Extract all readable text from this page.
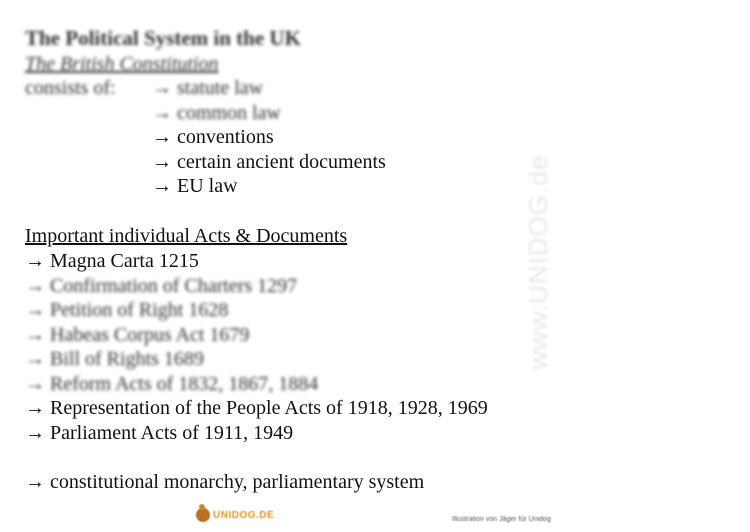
The Political System in the UK
The British Constitution
consists of: → statute law
→ common law
→ conventions
→ certain ancient documents
→ EU law
Important individual Acts & Documents
→ Magna Carta 1215
→ Confirmation of Charters 1297
→ Petition of Right 1628
→ Habeas Corpus Act 1679
→ Bill of Rights 1689
→ Reform Acts of 1832, 1867, 1884
→ Representation of the People Acts of 1918, 1928, 1969
→ Parliament Acts of 1911, 1949
→ constitutional monarchy, parliamentary system
www.UNIDOG.de
UNIDOG.DE	Illustration von Jäger für Unidog
